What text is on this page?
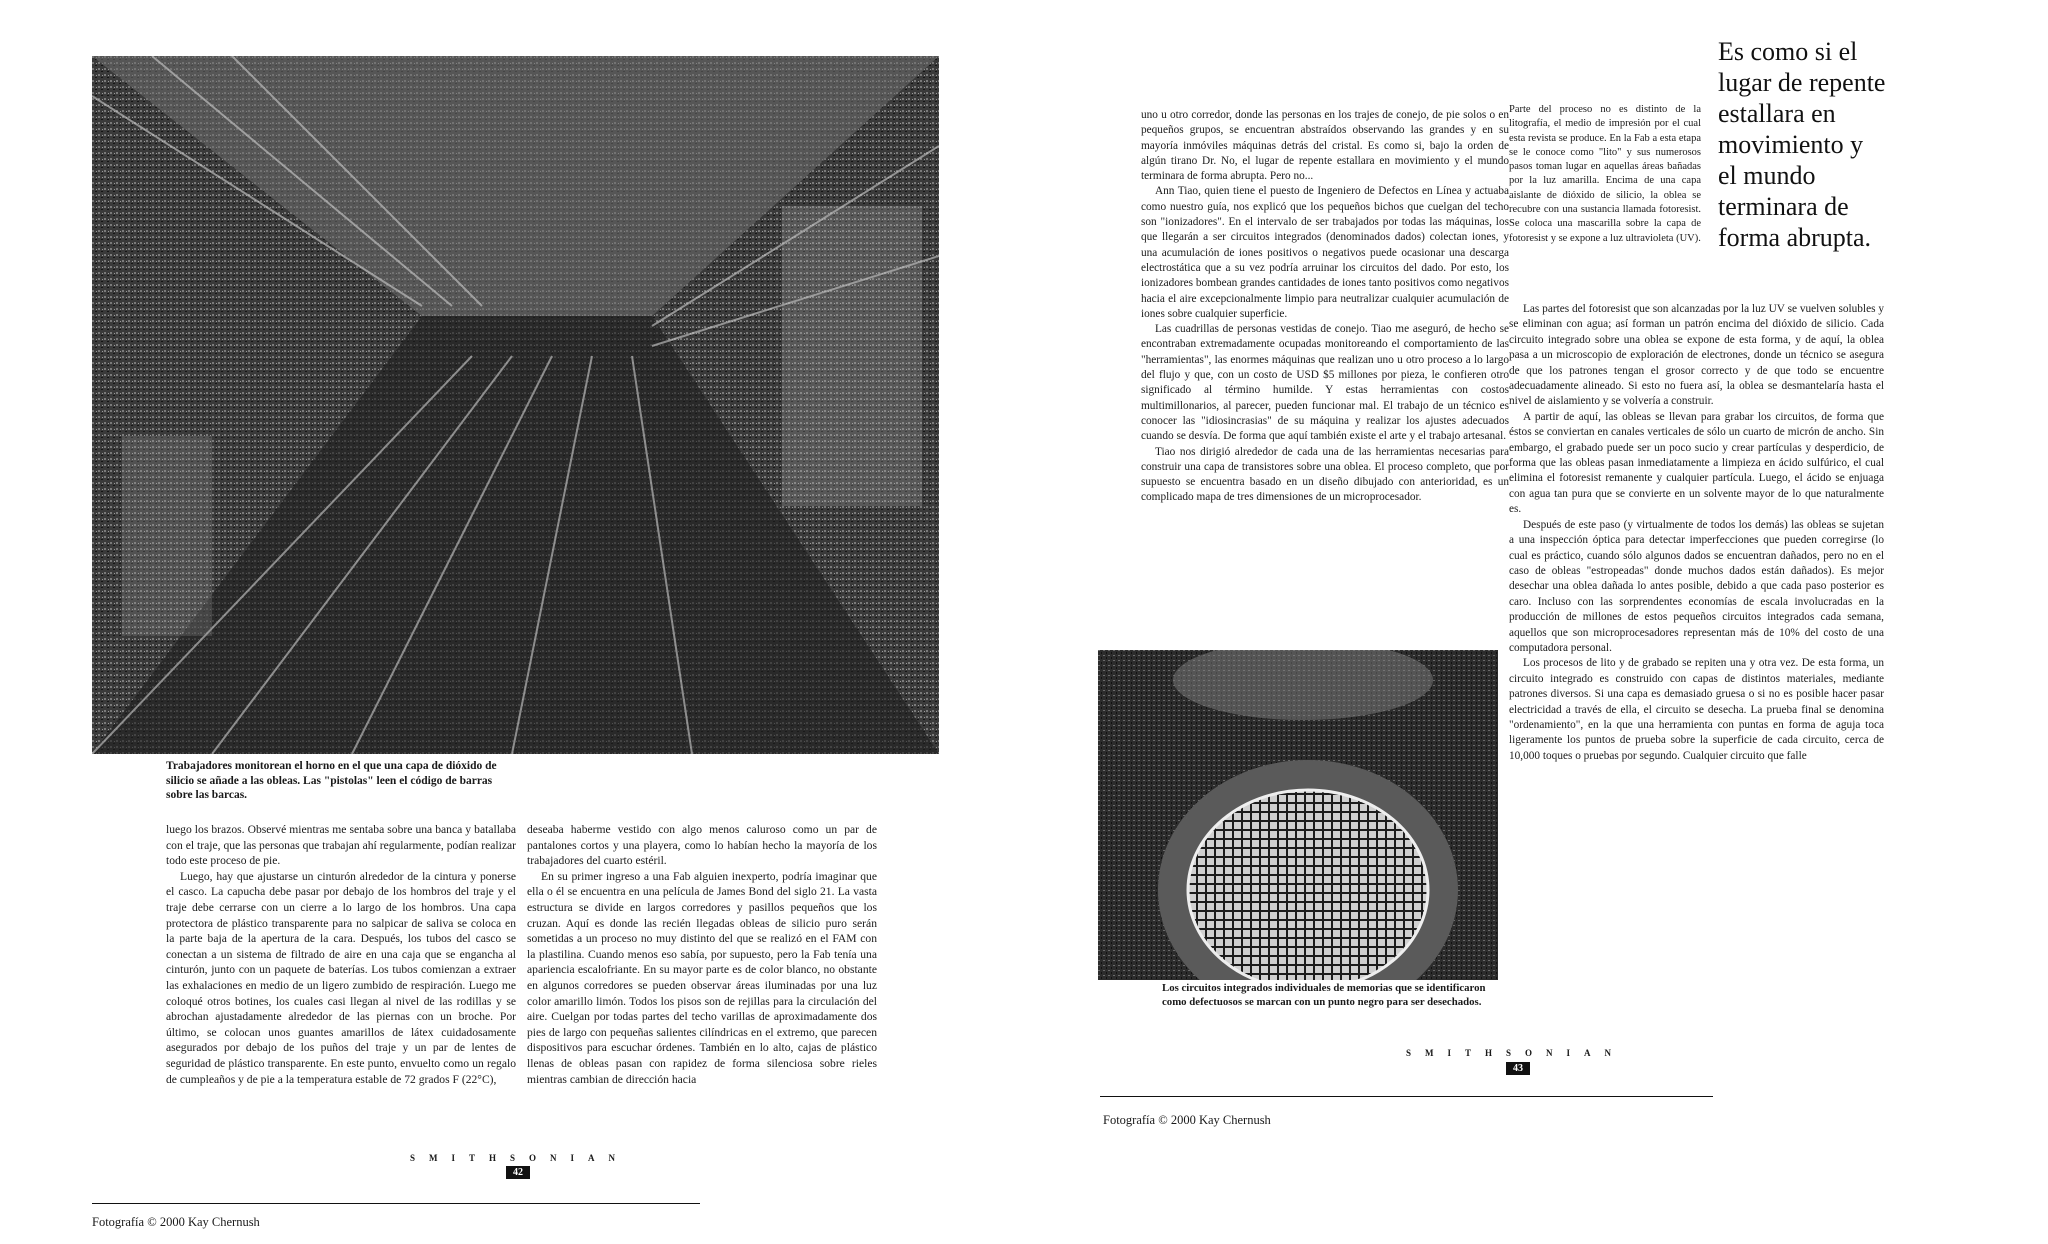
Trabajadores monitorean el horno en el que una capa de dióxido de silicio se añade a las obleas. Las "pistolas" leen el código de barras sobre las barcas.

luego los brazos. Observé mientras me sentaba sobre una banca y batallaba con el traje, que las personas que trabajan ahí regularmente, podían realizar todo este proceso de pie.

Luego, hay que ajustarse un cinturón alrededor de la cintura y ponerse el casco. La capucha debe pasar por debajo de los hombros del traje y el traje debe cerrarse con un cierre a lo largo de los hombros. Una capa protectora de plástico transparente para no salpicar de saliva se coloca en la parte baja de la apertura de la cara. Después, los tubos del casco se conectan a un sistema de filtrado de aire en una caja que se engancha al cinturón, junto con un paquete de baterías. Los tubos comienzan a extraer las exhalaciones en medio de un ligero zumbido de respiración. Luego me coloqué otros botines, los cuales casi llegan al nivel de las rodillas y se abrochan ajustadamente alrededor de las piernas con un broche. Por último, se colocan unos guantes amarillos de látex cuidadosamente asegurados por debajo de los puños del traje y un par de lentes de seguridad de plástico transparente. En este punto, envuelto como un regalo de cumpleaños y de pie a la temperatura estable de 72 grados F (22°C),

deseaba haberme vestido con algo menos caluroso como un par de pantalones cortos y una playera, como lo habían hecho la mayoría de los trabajadores del cuarto estéril.

En su primer ingreso a una Fab alguien inexperto, podría imaginar que ella o él se encuentra en una película de James Bond del siglo 21. La vasta estructura se divide en largos corredores y pasillos pequeños que los cruzan. Aquí es donde las recién llegadas obleas de silicio puro serán sometidas a un proceso no muy distinto del que se realizó en el FAM con la plastilina. Cuando menos eso sabía, por supuesto, pero la Fab tenía una apariencia escalofriante. En su mayor parte es de color blanco, no obstante en algunos corredores se pueden observar áreas iluminadas por una luz color amarillo limón. Todos los pisos son de rejillas para la circulación del aire. Cuelgan por todas partes del techo varillas de aproximadamente dos pies de largo con pequeñas salientes cilíndricas en el extremo, que parecen dispositivos para escuchar órdenes. También en lo alto, cajas de plástico llenas de obleas pasan con rapidez de forma silenciosa sobre rieles mientras cambian de dirección hacia

SMITHSONIAN
42
Fotografía © 2000 Kay Chernush

uno u otro corredor, donde las personas en los trajes de conejo, de pie solos o en pequeños grupos, se encuentran abstraídos observando las grandes y en su mayoría inmóviles máquinas detrás del cristal. Es como si, bajo la orden de algún tirano Dr. No, el lugar de repente estallara en movimiento y el mundo terminara de forma abrupta. Pero no...

Ann Tiao, quien tiene el puesto de Ingeniero de Defectos en Línea y actuaba como nuestro guía, nos explicó que los pequeños bichos que cuelgan del techo son "ionizadores". En el intervalo de ser trabajados por todas las máquinas, los que llegarán a ser circuitos integrados (denominados dados) colectan iones, y una acumulación de iones positivos o negativos puede ocasionar una descarga electrostática que a su vez podría arruinar los circuitos del dado. Por esto, los ionizadores bombean grandes cantidades de iones tanto positivos como negativos hacia el aire excepcionalmente limpio para neutralizar cualquier acumulación de iones sobre cualquier superficie.

Las cuadrillas de personas vestidas de conejo. Tiao me aseguró, de hecho se encontraban extremadamente ocupadas monitoreando el comportamiento de las "herramientas", las enormes máquinas que realizan uno u otro proceso a lo largo del flujo y que, con un costo de USD $5 millones por pieza, le confieren otro significado al término humilde. Y estas herramientas con costos multimillonarios, al parecer, pueden funcionar mal. El trabajo de un técnico es conocer las "idiosincrasias" de su máquina y realizar los ajustes adecuados cuando se desvía. De forma que aquí también existe el arte y el trabajo artesanal.

Tiao nos dirigió alrededor de cada una de las herramientas necesarias para construir una capa de transistores sobre una oblea. El proceso completo, que por supuesto se encuentra basado en un diseño dibujado con anterioridad, es un complicado mapa de tres dimensiones de un microprocesador.

Parte del proceso no es distinto de la litografía, el medio de impresión por el cual esta revista se produce. En la Fab a esta etapa se le conoce como "lito" y sus numerosos pasos toman lugar en aquellas áreas bañadas por la luz amarilla. Encima de una capa aislante de dióxido de silicio, la oblea se recubre con una sustancia llamada fotoresist. Se coloca una mascarilla sobre la capa de fotoresist y se expone a luz ultravioleta (UV).

Es como si el lugar de repente estallara en movimiento y el mundo terminara de forma abrupta.

Las partes del fotoresist que son alcanzadas por la luz UV se vuelven solubles y se eliminan con agua; así forman un patrón encima del dióxido de silicio. Cada circuito integrado sobre una oblea se expone de esta forma, y de aquí, la oblea pasa a un microscopio de exploración de electrones, donde un técnico se asegura de que los patrones tengan el grosor correcto y de que todo se encuentre adecuadamente alineado. Si esto no fuera así, la oblea se desmantelaría hasta el nivel de aislamiento y se volvería a construir.

A partir de aquí, las obleas se llevan para grabar los circuitos, de forma que éstos se conviertan en canales verticales de sólo un cuarto de micrón de ancho. Sin embargo, el grabado puede ser un poco sucio y crear partículas y desperdicio, de forma que las obleas pasan inmediatamente a limpieza en ácido sulfúrico, el cual elimina el fotoresist remanente y cualquier partícula. Luego, el ácido se enjuaga con agua tan pura que se convierte en un solvente mayor de lo que naturalmente es.

Después de este paso (y virtualmente de todos los demás) las obleas se sujetan a una inspección óptica para detectar imperfecciones que pueden corregirse (lo cual es práctico, cuando sólo algunos dados se encuentran dañados, pero no en el caso de obleas "estropeadas" donde muchos dados están dañados). Es mejor desechar una oblea dañada lo antes posible, debido a que cada paso posterior es caro. Incluso con las sorprendentes economías de escala involucradas en la producción de millones de estos pequeños circuitos integrados cada semana, aquellos que son microprocesadores representan más de 10% del costo de una computadora personal.

Los procesos de lito y de grabado se repiten una y otra vez. De esta forma, un circuito integrado es construido con capas de distintos materiales, mediante patrones diversos. Si una capa es demasiado gruesa o si no es posible hacer pasar electricidad a través de ella, el circuito se desecha. La prueba final se denomina "ordenamiento", en la que una herramienta con puntas en forma de aguja toca ligeramente los puntos de prueba sobre la superficie de cada circuito, cerca de 10,000 toques o pruebas por segundo. Cualquier circuito que falle

Los circuitos integrados individuales de memorias que se identificaron como defectuosos se marcan con un punto negro para ser desechados.
SMITHSONIAN
43
Fotografía © 2000 Kay Chernush
